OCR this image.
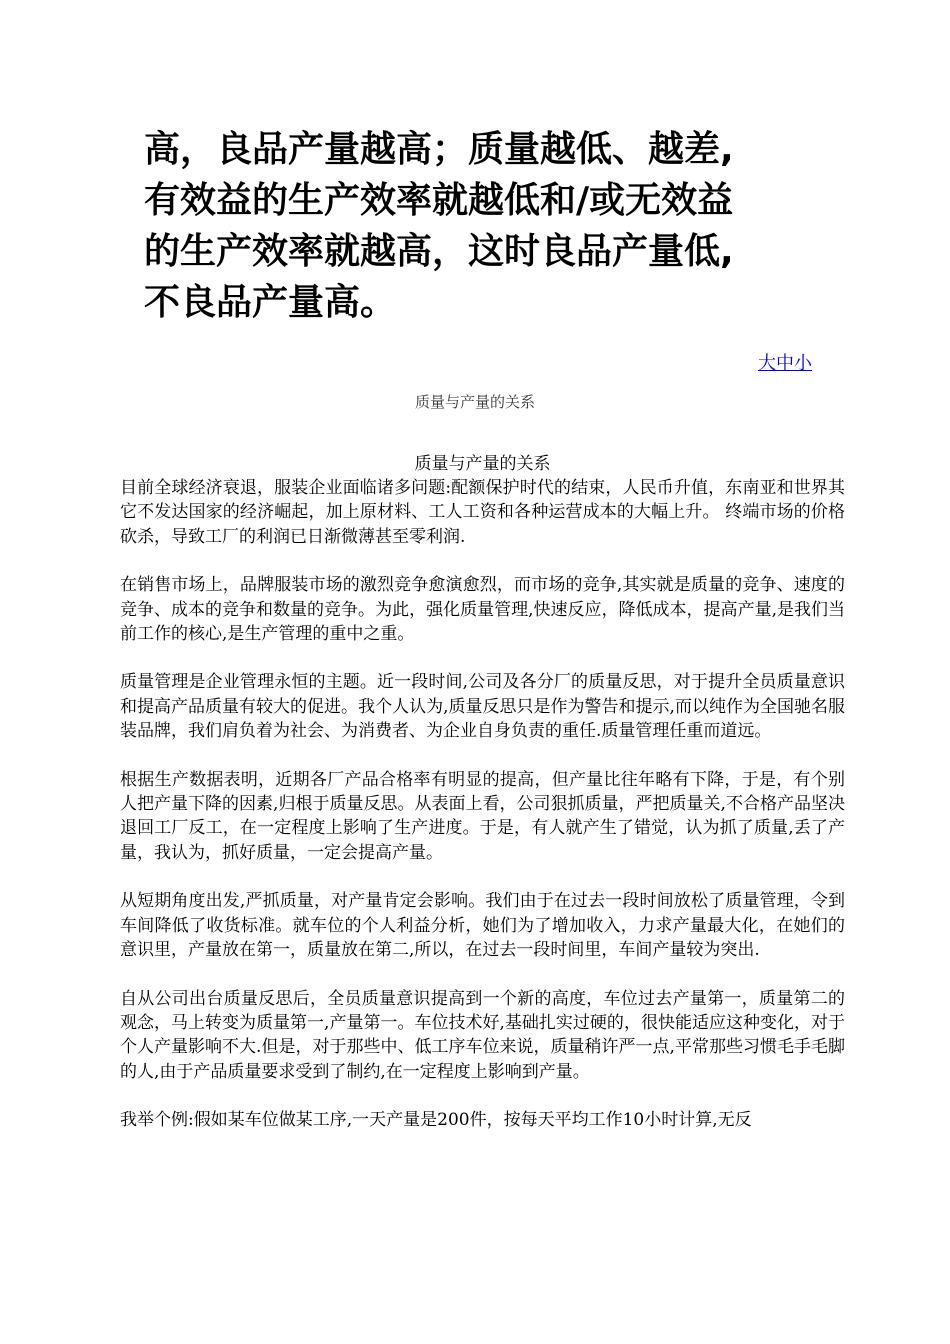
高，良品产量越高；质量越低、越差,
有效益的生产效率就越低和/或无效益
的生产效率就越高，这时良品产量低,
不良品产量高。
大中小
质量与产量的关系
质量与产量的关系

目前全球经济衰退，服装企业面临诸多问题:配额保护时代的结束，人民币升值，东南亚和世界其它不发达国家的经济崛起，加上原材料、工人工资和各种运营成本的大幅上升。 终端市场的价格砍杀，导致工厂的利润已日渐微薄甚至零利润.

在销售市场上，品牌服装市场的激烈竞争愈演愈烈，而市场的竞争,其实就是质量的竞争、速度的竞争、成本的竞争和数量的竞争。为此，强化质量管理,快速反应，降低成本，提高产量,是我们当前工作的核心,是生产管理的重中之重。

质量管理是企业管理永恒的主题。近一段时间,公司及各分厂的质量反思，对于提升全员质量意识和提高产品质量有较大的促进。我个人认为,质量反思只是作为警告和提示,而以纯作为全国驰名服装品牌，我们肩负着为社会、为消费者、为企业自身负责的重任.质量管理任重而道远。

根据生产数据表明，近期各厂产品合格率有明显的提高，但产量比往年略有下降，于是，有个别人把产量下降的因素,归根于质量反思。从表面上看，公司狠抓质量，严把质量关,不合格产品坚决退回工厂反工，在一定程度上影响了生产进度。于是，有人就产生了错觉，认为抓了质量,丢了产量，我认为，抓好质量，一定会提高产量。

从短期角度出发,严抓质量，对产量肯定会影响。我们由于在过去一段时间放松了质量管理，令到车间降低了收货标准。就车位的个人利益分析，她们为了增加收入，力求产量最大化，在她们的意识里，产量放在第一，质量放在第二,所以，在过去一段时间里，车间产量较为突出.

自从公司出台质量反思后，全员质量意识提高到一个新的高度，车位过去产量第一，质量第二的观念，马上转变为质量第一,产量第一。车位技术好,基础扎实过硬的，很快能适应这种变化，对于个人产量影响不大.但是，对于那些中、低工序车位来说，质量稍许严一点,平常那些习惯毛手毛脚的人,由于产品质量要求受到了制约,在一定程度上影响到产量。

我举个例:假如某车位做某工序,一天产量是200件，按每天平均工作10小时计算,无反
